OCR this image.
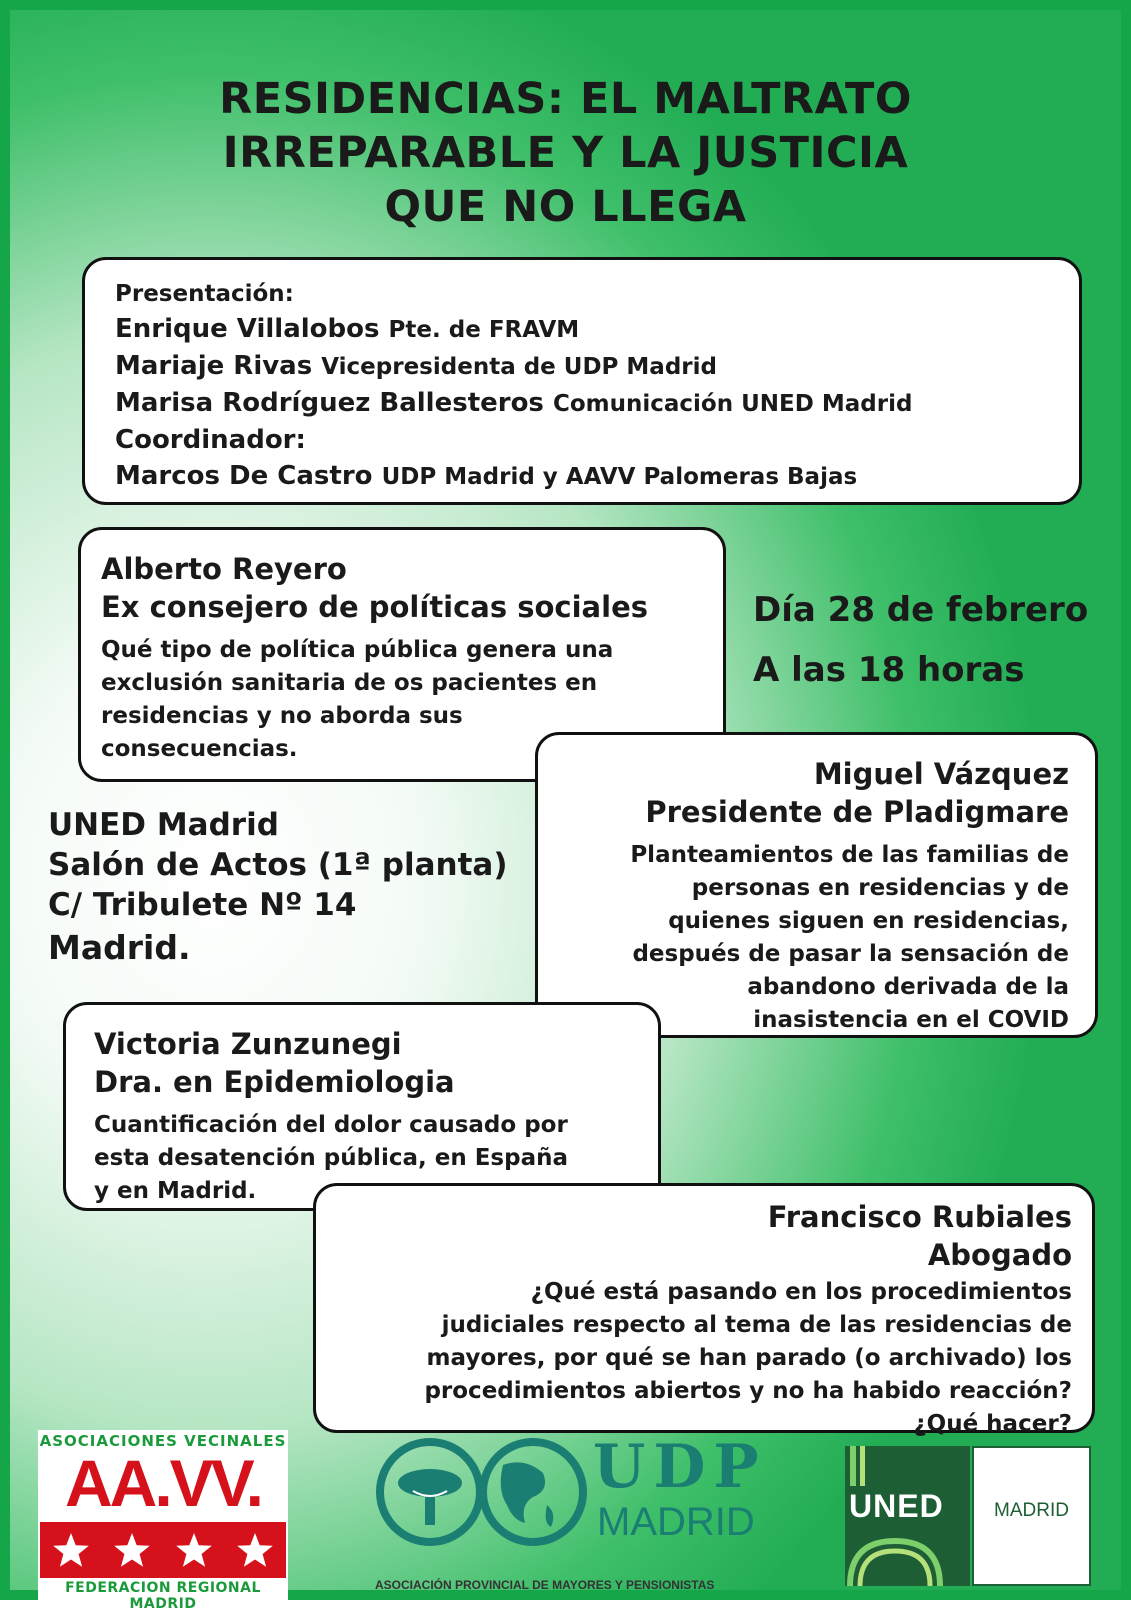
RESIDENCIAS: EL MALTRATO
IRREPARABLE Y LA JUSTICIA
QUE NO LLEGA
Presentación:
Enrique Villalobos Pte. de FRAVM
Mariaje Rivas Vicepresidenta de UDP Madrid
Marisa Rodríguez Ballesteros Comunicación UNED Madrid
Coordinador:
Marcos De Castro UDP Madrid y AAVV Palomeras Bajas
Alberto Reyero
Ex consejero de políticas sociales
Qué tipo de política pública genera una
exclusión sanitaria de os pacientes en
residencias y no aborda sus
consecuencias.
Día 28 de febrero
A las 18 horas
Miguel Vázquez
Presidente de Pladigmare
Planteamientos de las familias de
personas en residencias y de
quienes siguen en residencias,
después de pasar la sensación de
abandono derivada de la
inasistencia en el COVID
UNED Madrid
Salón de Actos (1ª planta)
C/ Tribulete Nº 14
Madrid.
Victoria Zunzunegi
Dra. en Epidemiologia
Cuantificación del dolor causado por
esta desatención pública, en España
y en Madrid.
Francisco Rubiales
Abogado
¿Qué está pasando en los procedimientos
judiciales respecto al tema de las residencias de
mayores, por qué se han parado (o archivado) los
procedimientos abiertos y no ha habido reacción?
¿Qué hacer?
ASOCIACIONES VECINALES
AA.VV.
FEDERACION REGIONAL MADRID
UDP
MADRID
ASOCIACIÓN PROVINCIAL DE MAYORES Y PENSIONISTAS
UNED	MADRID
